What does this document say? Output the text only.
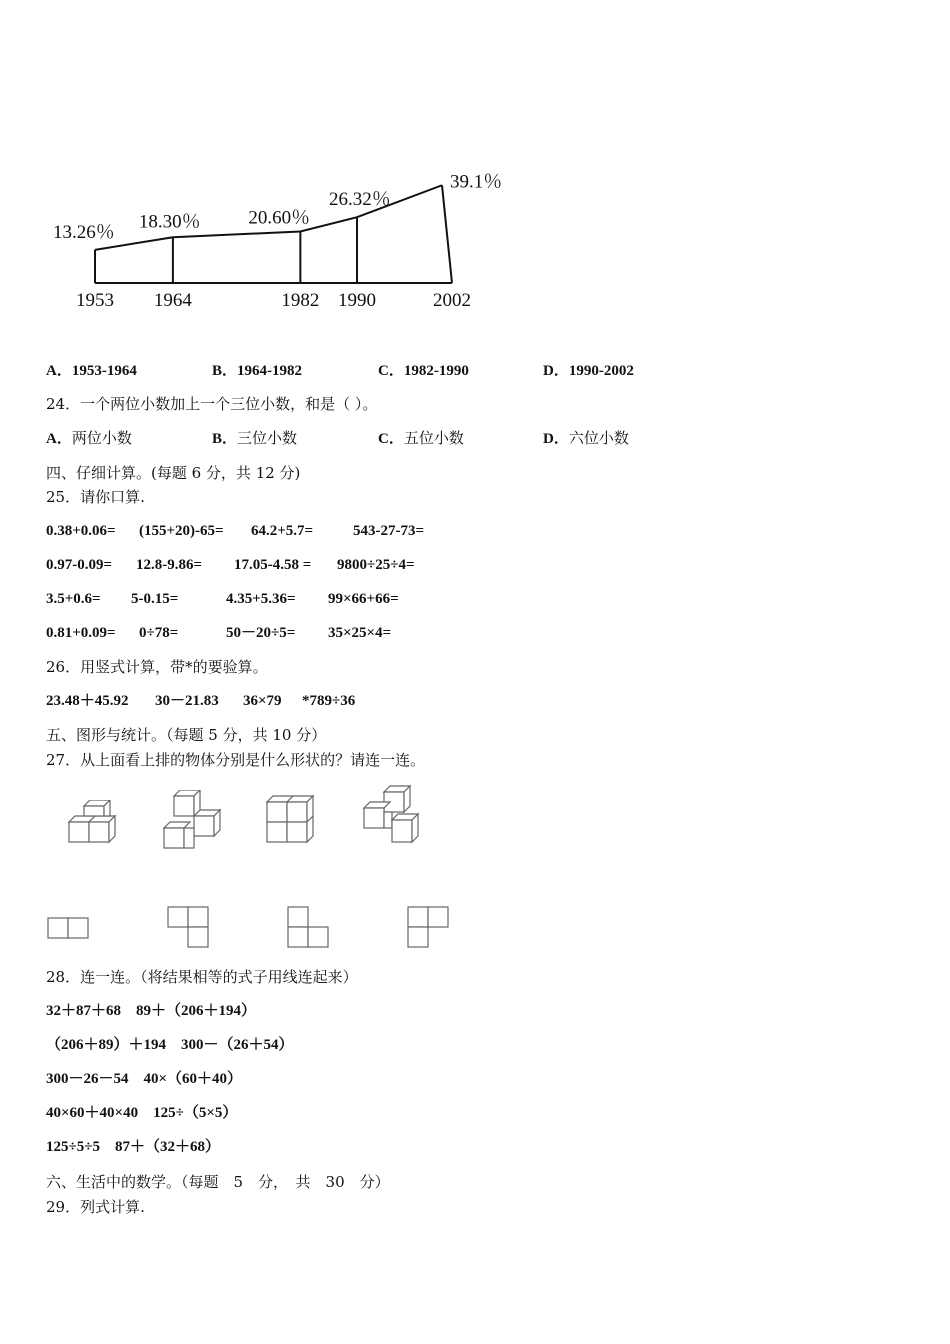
13.26％
18.30％	20.60％
26.32％
39.1％
1953 1964	1982 1990	2002
A．1953-1964	B．1964-1982	C．1982-1990	D．1990-2002
24．一个两位小数加上一个三位小数，和是（ ）。
A．两位小数	B．三位小数	C．五位小数	D．六位小数
四、仔细计算。(每题 6 分，共 12 分)
25．请你口算.
0.38+0.06= (155+20)-65= 64.2+5.7=	543-27-73=
0.97-0.09= 12.8-9.86= 17.05-4.58 = 9800÷25÷4=
3.5+0.6= 5-0.15=	4.35+5.36= 99×66+66=
0.81+0.09= 0÷78=	50－20÷5= 35×25×4=
26．用竖式计算，带*的要验算。
23.48＋45.92 30－21.83 36×79 *789÷36
五、图形与统计。（每题 5 分，共 10 分）
27．从上面看上排的物体分别是什么形状的？请连一连。
28．连一连。（将结果相等的式子用线连起来）
32＋87＋68　89＋（206＋194）
（206＋89）＋194　300－（26＋54）
300－26－54　40×（60＋40）
40×60＋40×40　125÷（5×5）
125÷5÷5　87＋（32＋68）
六、生活中的数学。（每题　5　分，　共　30　分）
29．列式计算.
